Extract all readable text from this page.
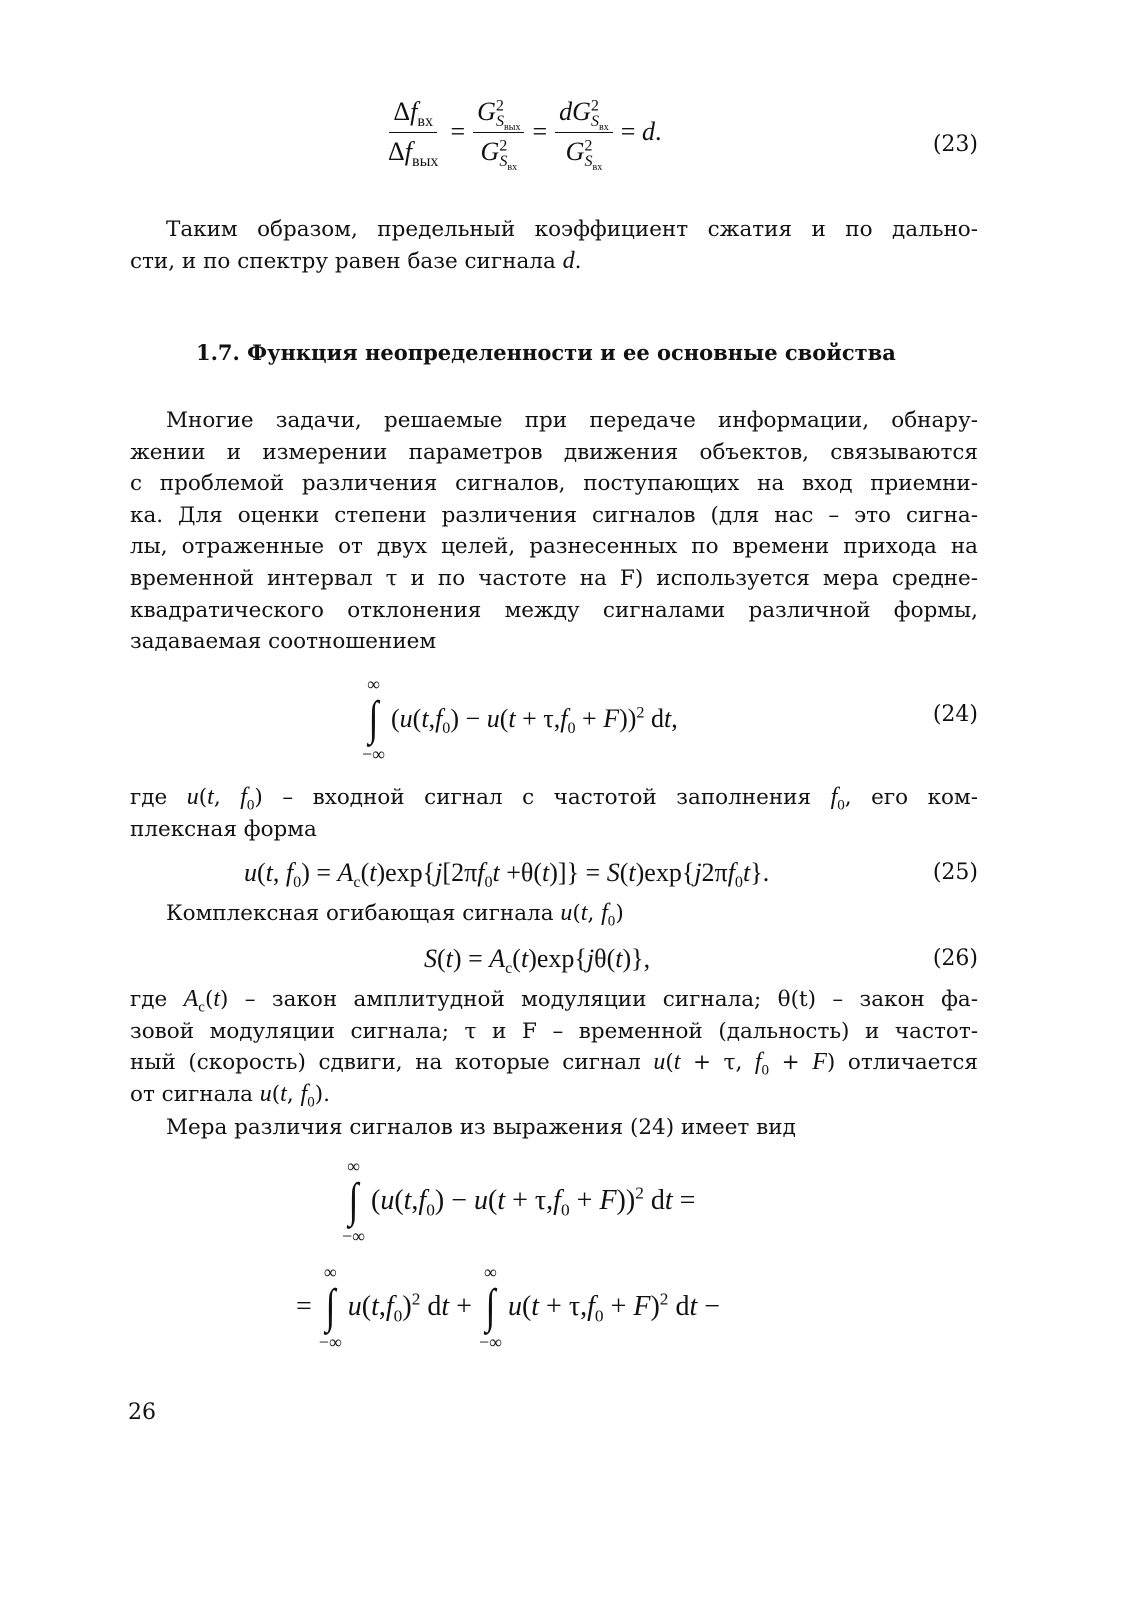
$\frac{\Delta f_{вх}}{\Delta f_{вых}} = \frac{G^2_{S_{вых}}}{G^2_{S_{вх}}} = \frac{dG^2_{S_{вх}}}{G^2_{S_{вх}}} = d$.	(23)
Таким образом, предельный коэффициент сжатия и по дально-
сти, и по спектру равен базе сигнала d.
1.7. Функция неопределенности и ее основные свойства
Многие задачи, решаемые при передаче информации, обнару-
жении и измерении параметров движения объектов, связываются
с проблемой различения сигналов, поступающих на вход приемни-
ка. Для оценки степени различения сигналов (для нас – это сигна-
лы, отраженные от двух целей, разнесенных по времени прихода на
временной интервал τ и по частоте на F) используется мера средне-
квадратического отклонения между сигналами различной формы,
задаваемая соотношением
∞
∫
−∞
$(u(t,f_0) - u(t + \tau,f_0 + F))^2$ dt,	(24)
где u(t, $f_0$) – входной сигнал с частотой заполнения $f_0$, его ком-
плексная форма
u(t, $f_0) = A_c(t)\exp\{j[2\pi f_0t +\theta(t)]\} = S(t)\exp\{j2\pi f_0t\}$.	(25)
Комплексная огибающая сигнала u(t, $f_0$)
$S(t) = A_c(t)\exp\{j\theta(t)\}$,	(26)
где $A_c(t)$ – закон амплитудной модуляции сигнала; θ(t) – закон фа-
зовой модуляции сигнала; τ и F – временной (дальность) и частот-
ный (скорость) сдвиги, на которые сигнал u(t + τ, $f_0 + F$) отличается
от сигнала u(t, $f_0$).
Мера различия сигналов из выражения (24) имеет вид
∞
∫
−∞
$(u(t,f_0) - u(t + \tau,f_0 + F))^2$ dt =
=
∞
∫
−∞
$u(t,f_0)^2$ dt +
∞
∫
−∞
$u(t + \tau,f_0 + F)^2$ dt −
26
